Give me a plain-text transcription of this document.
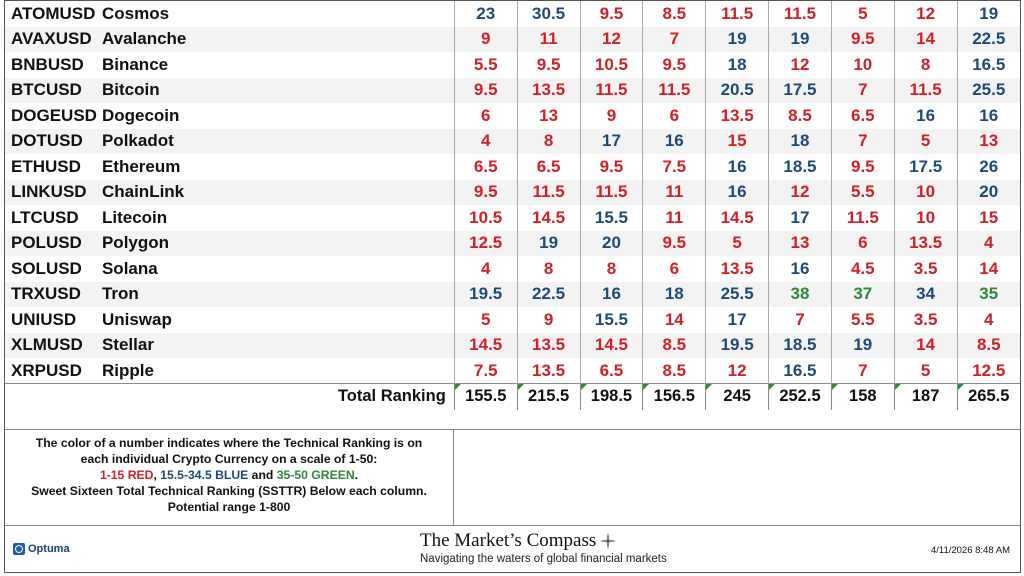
ATOMUSD	Cosmos	23	30.5	9.5	8.5	11.5	11.5	5	12	19
AVAXUSD	Avalanche	9	11	12	7	19	19	9.5	14	22.5
BNBUSD	Binance	5.5	9.5	10.5	9.5	18	12	10	8	16.5
BTCUSD	Bitcoin	9.5	13.5	11.5	11.5	20.5	17.5	7	11.5	25.5
DOGEUSD	Dogecoin	6	13	9	6	13.5	8.5	6.5	16	16
DOTUSD	Polkadot	4	8	17	16	15	18	7	5	13
ETHUSD	Ethereum	6.5	6.5	9.5	7.5	16	18.5	9.5	17.5	26
LINKUSD	ChainLink	9.5	11.5	11.5	11	16	12	5.5	10	20
LTCUSD	Litecoin	10.5	14.5	15.5	11	14.5	17	11.5	10	15
POLUSD	Polygon	12.5	19	20	9.5	5	13	6	13.5	4
SOLUSD	Solana	4	8	8	6	13.5	16	4.5	3.5	14
TRXUSD	Tron	19.5	22.5	16	18	25.5	38	37	34	35
UNIUSD	Uniswap	5	9	15.5	14	17	7	5.5	3.5	4
XLMUSD	Stellar	14.5	13.5	14.5	8.5	19.5	18.5	19	14	8.5
XRPUSD	Ripple	7.5	13.5	6.5	8.5	12	16.5	7	5	12.5
Total Ranking		155.5	215.5	198.5	156.5	245	252.5	158	187	265.5
The color of a number indicates where the Technical Ranking is on
each individual Crypto Currency on a scale of 1-50:
1-15 RED, 15.5-34.5 BLUE and 35-50 GREEN.
Sweet Sixteen Total Technical Ranking (SSTTR) Below each column.
Potential range 1-800
Optuma	The Market’s Compass
Navigating the waters of global financial markets
4/11/2026 8:48 AM
